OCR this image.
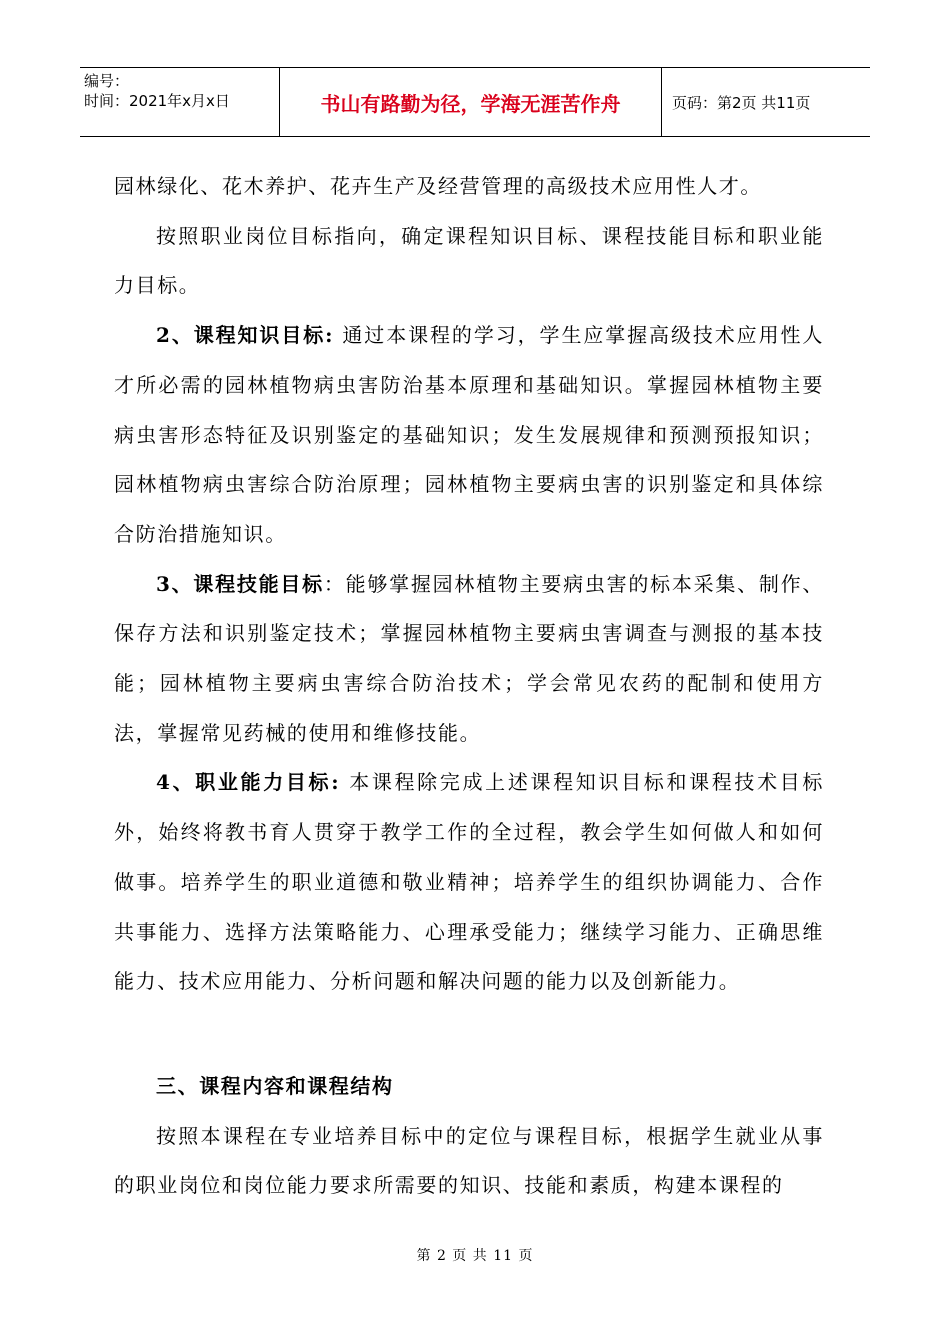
编号：
时间：2021年x月x日	书山有路勤为径，学海无涯苦作舟	页码：第2页 共11页

园林绿化、花木养护、花卉生产及经营管理的高级技术应用性人才。

按照职业岗位目标指向，确定课程知识目标、课程技能目标和职业能力目标。

2、课程知识目标: 通过本课程的学习，学生应掌握高级技术应用性人才所必需的园林植物病虫害防治基本原理和基础知识。掌握园林植物主要病虫害形态特征及识别鉴定的基础知识；发生发展规律和预测预报知识；园林植物病虫害综合防治原理；园林植物主要病虫害的识别鉴定和具体综合防治措施知识。

3、课程技能目标：能够掌握园林植物主要病虫害的标本采集、制作、保存方法和识别鉴定技术；掌握园林植物主要病虫害调查与测报的基本技能；园林植物主要病虫害综合防治技术；学会常见农药的配制和使用方法，掌握常见药械的使用和维修技能。

4、职业能力目标: 本课程除完成上述课程知识目标和课程技术目标外，始终将教书育人贯穿于教学工作的全过程，教会学生如何做人和如何做事。培养学生的职业道德和敬业精神；培养学生的组织协调能力、合作共事能力、选择方法策略能力、心理承受能力；继续学习能力、正确思维能力、技术应用能力、分析问题和解决问题的能力以及创新能力。

三、课程内容和课程结构

按照本课程在专业培养目标中的定位与课程目标，根据学生就业从事的职业岗位和岗位能力要求所需要的知识、技能和素质，构建本课程的

第 2 页 共 11 页
